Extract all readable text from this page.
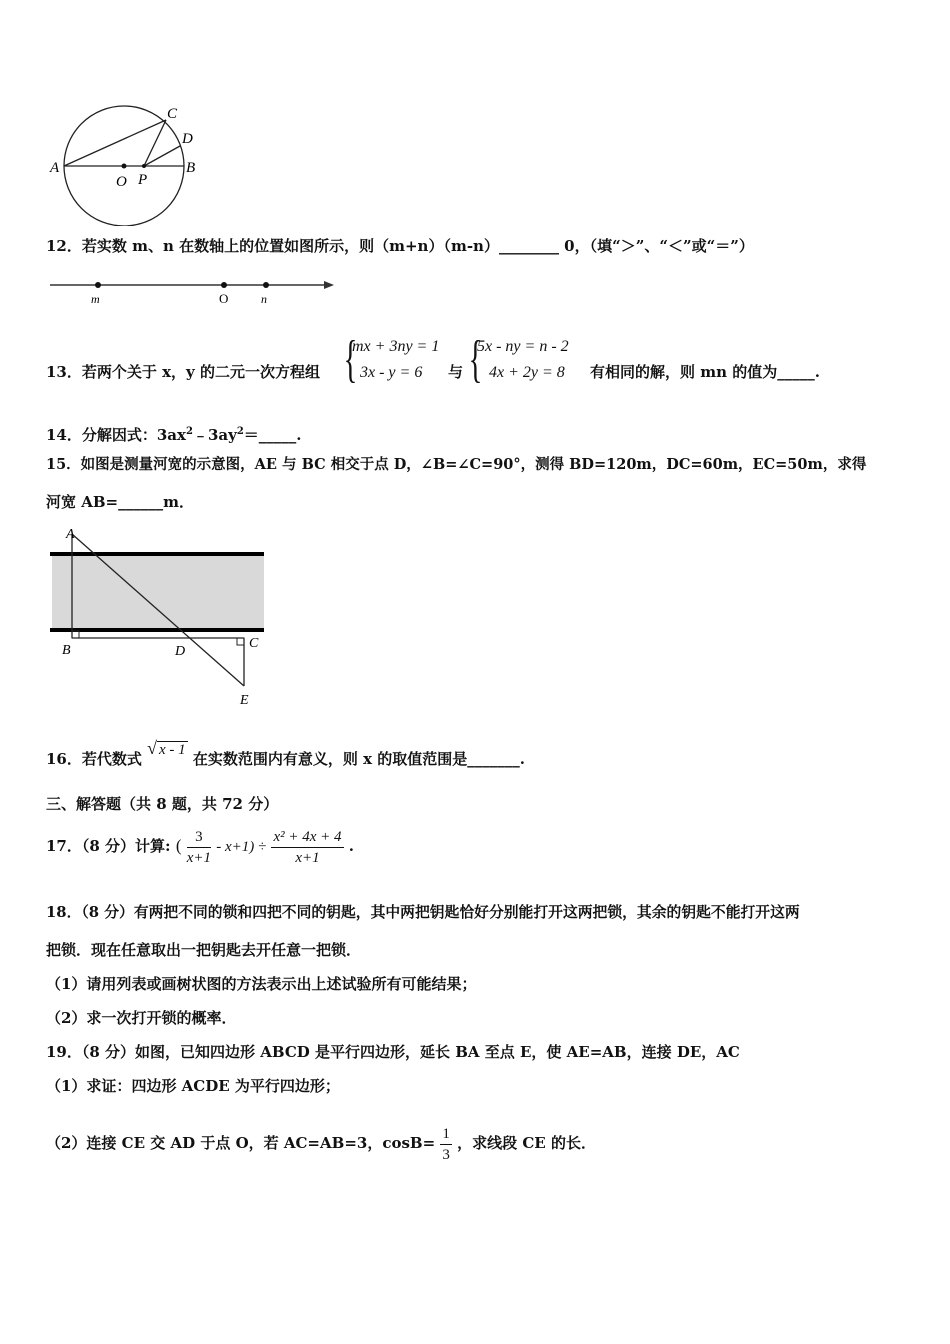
A
O P
B
C
D
12．若实数 m、n 在数轴上的位置如图所示，则（m+n）（m-n）________ 0，（填“＞”、“＜”或“＝”）
m	O	n
13．若两个关于 x，y 的二元一次方程组 {
mx + 3ny = 1
3x - y = 6	与 {
5x - ny = n - 2
4x + 2y = 8 有相同的解，则 mn 的值为_____.
14．分解因式：$3ax^2﹣3ay^2=\_\_\_\_\_$.
15．如图是测量河宽的示意图，AE 与 BC 相交于点 D，∠B=∠C=90°，测得 BD=120m，DC=60m，EC=50m，求得
河宽 AB=______m．
A
B	D
C
E
16．若代数式 √ x - 1 在实数范围内有意义，则 x 的取值范围是_______.
三、解答题（共 8 题，共 72 分）
17．（8 分）计算: ( $\frac{3}{x+1} - x+1) \div \frac{\text{x² + 4x + 4}}{x+1}$ .
18．（8 分）有两把不同的锁和四把不同的钥匙，其中两把钥匙恰好分别能打开这两把锁，其余的钥匙不能打开这两
把锁．现在任意取出一把钥匙去开任意一把锁．
（1）请用列表或画树状图的方法表示出上述试验所有可能结果；
（2）求一次打开锁的概率．
19．（8 分）如图，已知四边形 ABCD 是平行四边形，延长 BA 至点 E，使 AE=AB，连接 DE，AC
（1）求证：四边形 ACDE 为平行四边形；
（2）连接 CE 交 AD 于点 O，若 AC=AB=3，$\cos B= \frac{1}{3}$ ，求线段 CE 的长．
